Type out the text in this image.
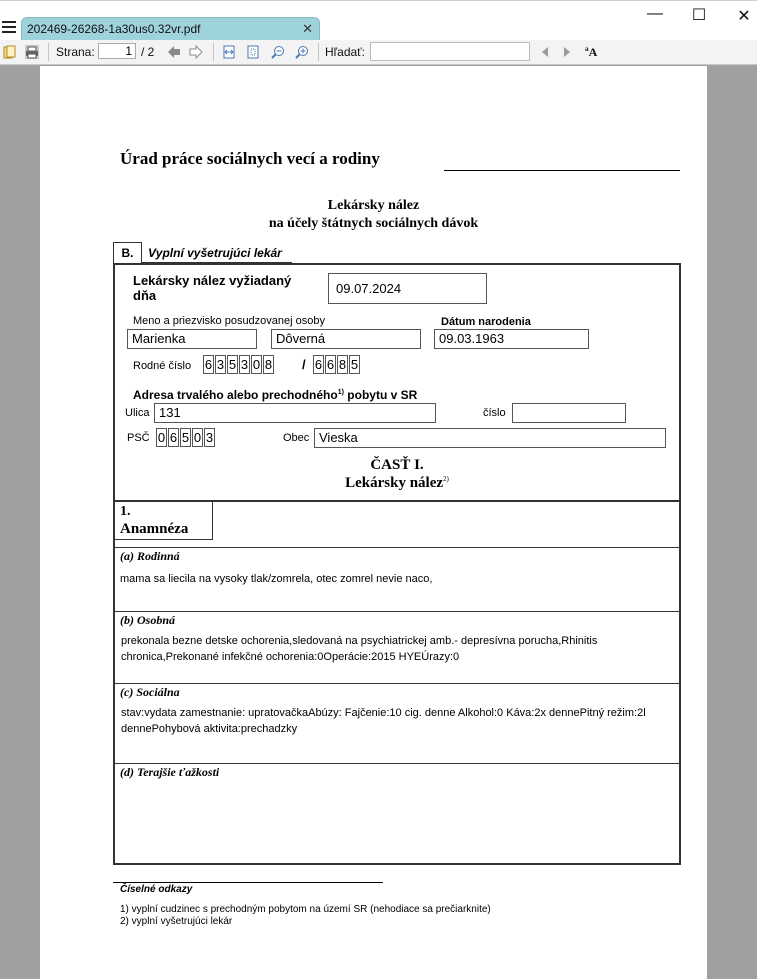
202469-26268-1a30us0.32vr.pdf	✕
— ☐ ✕
Strana:	1 / 2	Hľadať:	ªA
Úrad práce sociálnych vecí a rodiny
Lekársky nález
na účely štátnych sociálnych dávok
B.	Vyplní vyšetrujúci lekár
Lekársky nález vyžiadaný dňa	09.07.2024
Meno a priezvisko posudzovanej osoby	Dátum narodenia
Marienka	Dôverná	09.03.1963
Rodné číslo 6 3 5 3 0 8 / 6 6 8 5
Adresa trvalého alebo prechodného$^{1)}$ pobytu v SR
Ulica 131	číslo
PSČ 0 6 5 0 3	Obec Vieska
ČASŤ I.
Lekársky nález$^{2)}$
1.
Anamnéza
(a) Rodinná
mama sa liecila na vysoky tlak/zomrela, otec zomrel nevie naco,
(b) Osobná
prekonala bezne detske ochorenia,sledovaná na psychiatrickej amb.- depresívna porucha,Rhinitis chronica,Prekonané infekčné ochorenia:0Operácie:2015 HYEÚrazy:0
(c) Sociálna
stav:vydata zamestnanie: upratovačkaAbúzy: Fajčenie:10 cig. denne Alkohol:0 Káva:2x dennePitný režim:2l dennePohybová aktivita:prechadzky
(d) Terajšie ťažkosti
Číselné odkazy
1) vyplní cudzinec s prechodným pobytom na území SR (nehodiace sa prečiarknite)
2) vyplní vyšetrujúci lekár
